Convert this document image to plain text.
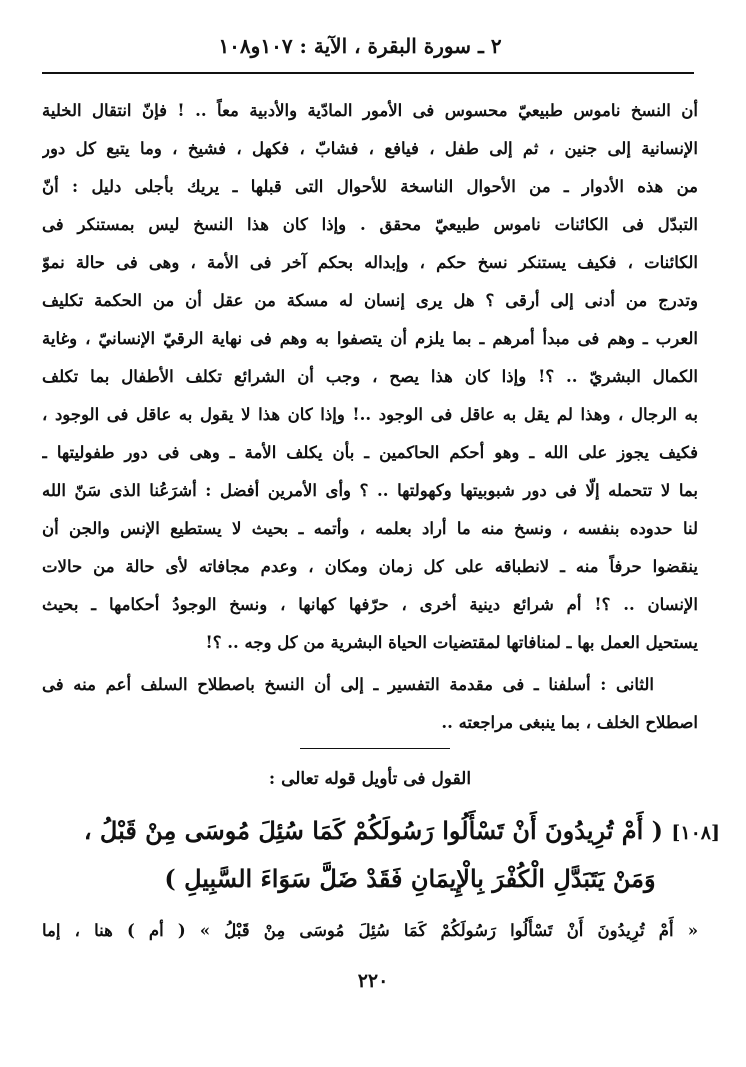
٢ ـ سورة البقرة ، الآية : ١٠٧و١٠٨
أن النسخ ناموس طبيعيّ محسوس فى الأمور المادّية والأدبية معاً .. ! فإنّ انتقال الخلية
الإنسانية إلى جنين ، ثم إلى طفل ، فيافع ، فشابّ ، فكهل ، فشيخ ، وما يتبع كل دور
من هذه الأدوار ـ من الأحوال الناسخة للأحوال التى قبلها ـ يريك بأجلى دليل : أنّ
التبدّل فى الكائنات ناموس طبيعيّ محقق . وإذا كان هذا النسخ ليس بمستنكر فى
الكائنات ، فكيف يستنكر نسخ حكم ، وإبداله بحكم آخر فى الأمة ، وهى فى حالة نموّ
وتدرج من أدنى إلى أرقى ؟ هل يرى إنسان له مسكة من عقل أن من الحكمة تكليف
العرب ـ وهم فى مبدأ أمرهم ـ بما يلزم أن يتصفوا به وهم فى نهاية الرقيّ الإنسانيّ ، وغاية
الكمال البشريّ .. ؟! وإذا كان هذا يصح ، وجب أن الشرائع تكلف الأطفال بما تكلف
به الرجال ، وهذا لم يقل به عاقل فى الوجود ..! وإذا كان هذا لا يقول به عاقل فى الوجود ،
فكيف يجوز على الله ـ وهو أحكم الحاكمين ـ بأن يكلف الأمة ـ وهى فى دور طفوليتها ـ
بما لا تتحمله إلّا فى دور شبوبيتها وكهولتها .. ؟ وأى الأمرين أفضل : أشرَعُنا الذى سَنّ الله
لنا حدوده بنفسه ، ونسخ منه ما أراد بعلمه ، وأتمه ـ بحيث لا يستطيع الإنس والجن أن
ينقضوا حرفاً منه ـ لانطباقه على كل زمان ومكان ، وعدم مجافاته لأى حالة من حالات
الإنسان .. ؟! أم شرائع دينية أخرى ، حرّفها كهانها ، ونسخ الوجودُ أحكامها ـ بحيث
يستحيل العمل بها ـ لمنافاتها لمقتضيات الحياة البشرية من كل وجه .. ؟!
الثانى : أسلفنا ـ فى مقدمة التفسير ـ إلى أن النسخ باصطلاح السلف أعم منه فى
اصطلاح الخلف ، بما ينبغى مراجعته ..
القول فى تأويل قوله تعالى :
[١٠٨] ( أَمْ تُرِيدُونَ أَنْ تَسْأَلُوا رَسُولَكُمْ كَمَا سُئِلَ مُوسَى مِنْ قَبْلُ ،
وَمَنْ يَتَبَدَّلِ الْكُفْرَ بِالْإِيمَانِ فَقَدْ ضَلَّ سَوَاءَ السَّبِيلِ )
« أَمْ تُرِيدُونَ أَنْ تَسْأَلُوا رَسُولَكُمْ كَمَا سُئِلَ مُوسَى مِنْ قَبْلُ » ( أم ) هنا ، إما
٢٢٠
